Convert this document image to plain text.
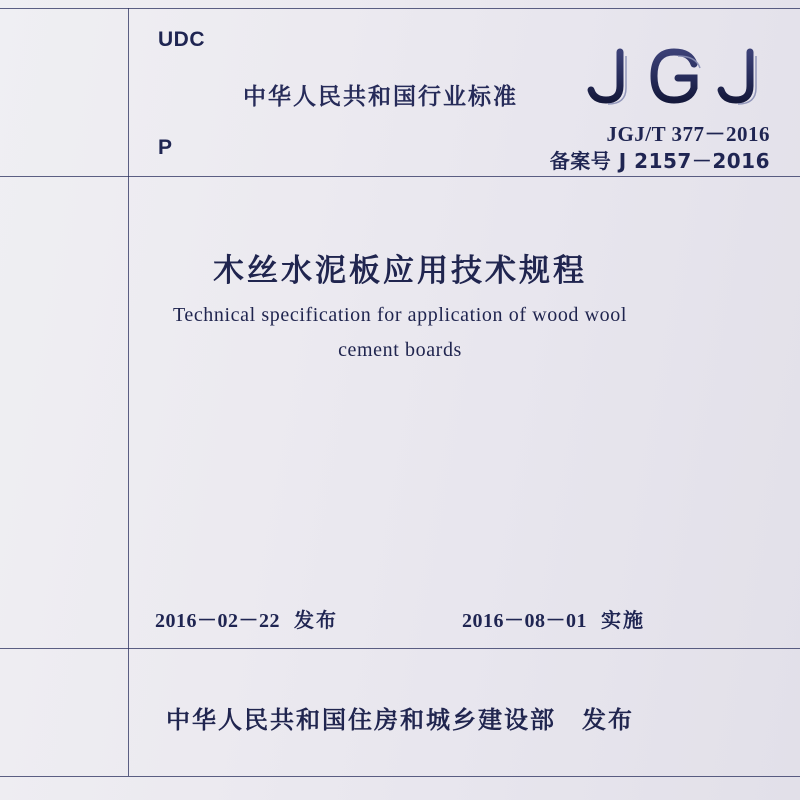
UDC
P
中华人民共和国行业标准
JGJ/T 377－2016
备案号 J 2157－2016
木丝水泥板应用技术规程
Technical specification for application of wood wool
cement boards
2016－02－22 发布	2016－08－01 实施
中华人民共和国住房和城乡建设部 发布
